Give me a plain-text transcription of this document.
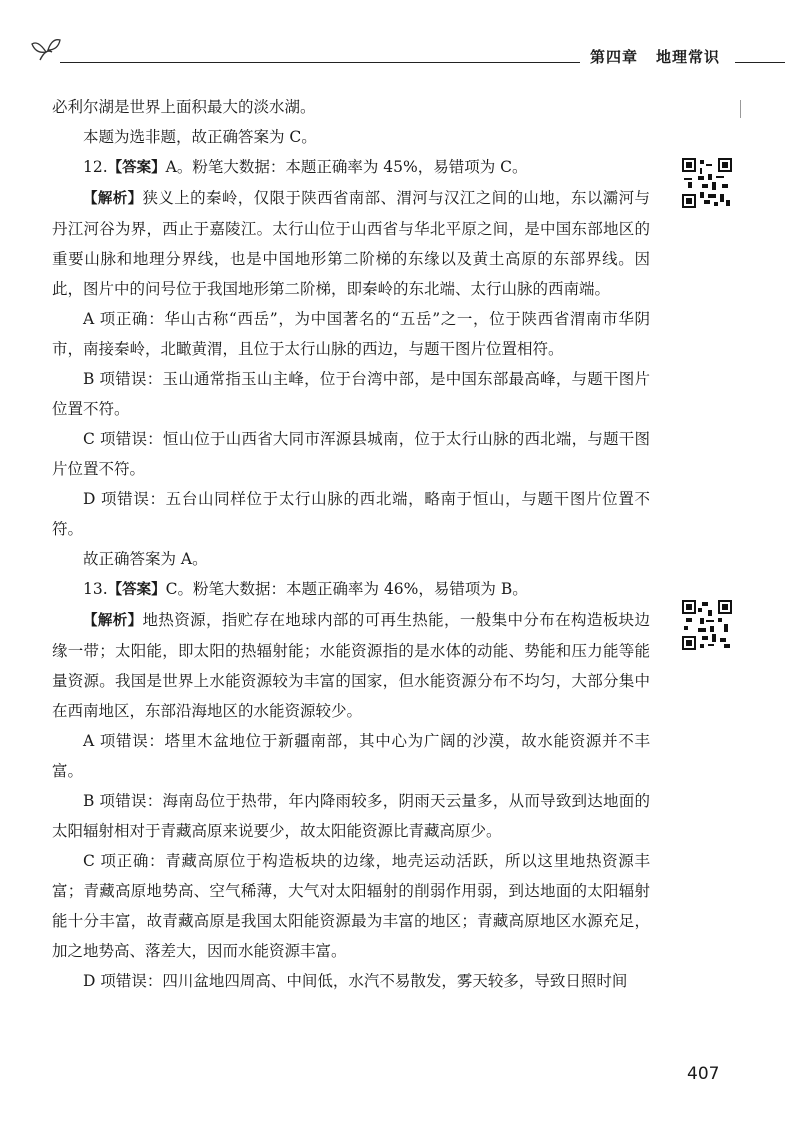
第四章 地理常识

必利尔湖是世界上面积最大的淡水湖。

本题为选非题，故正确答案为 C。

12.【答案】A。粉笔大数据：本题正确率为 45%，易错项为 C。

【解析】狭义上的秦岭，仅限于陕西省南部、渭河与汉江之间的山地，东以灞河与丹江河谷为界，西止于嘉陵江。太行山位于山西省与华北平原之间，是中国东部地区的重要山脉和地理分界线，也是中国地形第二阶梯的东缘以及黄土高原的东部界线。因此，图片中的问号位于我国地形第二阶梯，即秦岭的东北端、太行山脉的西南端。

A 项正确：华山古称“西岳”，为中国著名的“五岳”之一，位于陕西省渭南市华阴市，南接秦岭，北瞰黄渭，且位于太行山脉的西边，与题干图片位置相符。

B 项错误：玉山通常指玉山主峰，位于台湾中部，是中国东部最高峰，与题干图片位置不符。

C 项错误：恒山位于山西省大同市浑源县城南，位于太行山脉的西北端，与题干图片位置不符。

D 项错误：五台山同样位于太行山脉的西北端，略南于恒山，与题干图片位置不符。

故正确答案为 A。

13.【答案】C。粉笔大数据：本题正确率为 46%，易错项为 B。

【解析】地热资源，指贮存在地球内部的可再生热能，一般集中分布在构造板块边缘一带；太阳能，即太阳的热辐射能；水能资源指的是水体的动能、势能和压力能等能量资源。我国是世界上水能资源较为丰富的国家，但水能资源分布不均匀，大部分集中在西南地区，东部沿海地区的水能资源较少。

A 项错误：塔里木盆地位于新疆南部，其中心为广阔的沙漠，故水能资源并不丰富。

B 项错误：海南岛位于热带，年内降雨较多，阴雨天云量多，从而导致到达地面的太阳辐射相对于青藏高原来说要少，故太阳能资源比青藏高原少。

C 项正确：青藏高原位于构造板块的边缘，地壳运动活跃，所以这里地热资源丰富；青藏高原地势高、空气稀薄，大气对太阳辐射的削弱作用弱，到达地面的太阳辐射能十分丰富，故青藏高原是我国太阳能资源最为丰富的地区；青藏高原地区水源充足，加之地势高、落差大，因而水能资源丰富。

D 项错误：四川盆地四周高、中间低，水汽不易散发，雾天较多，导致日照时间

407
